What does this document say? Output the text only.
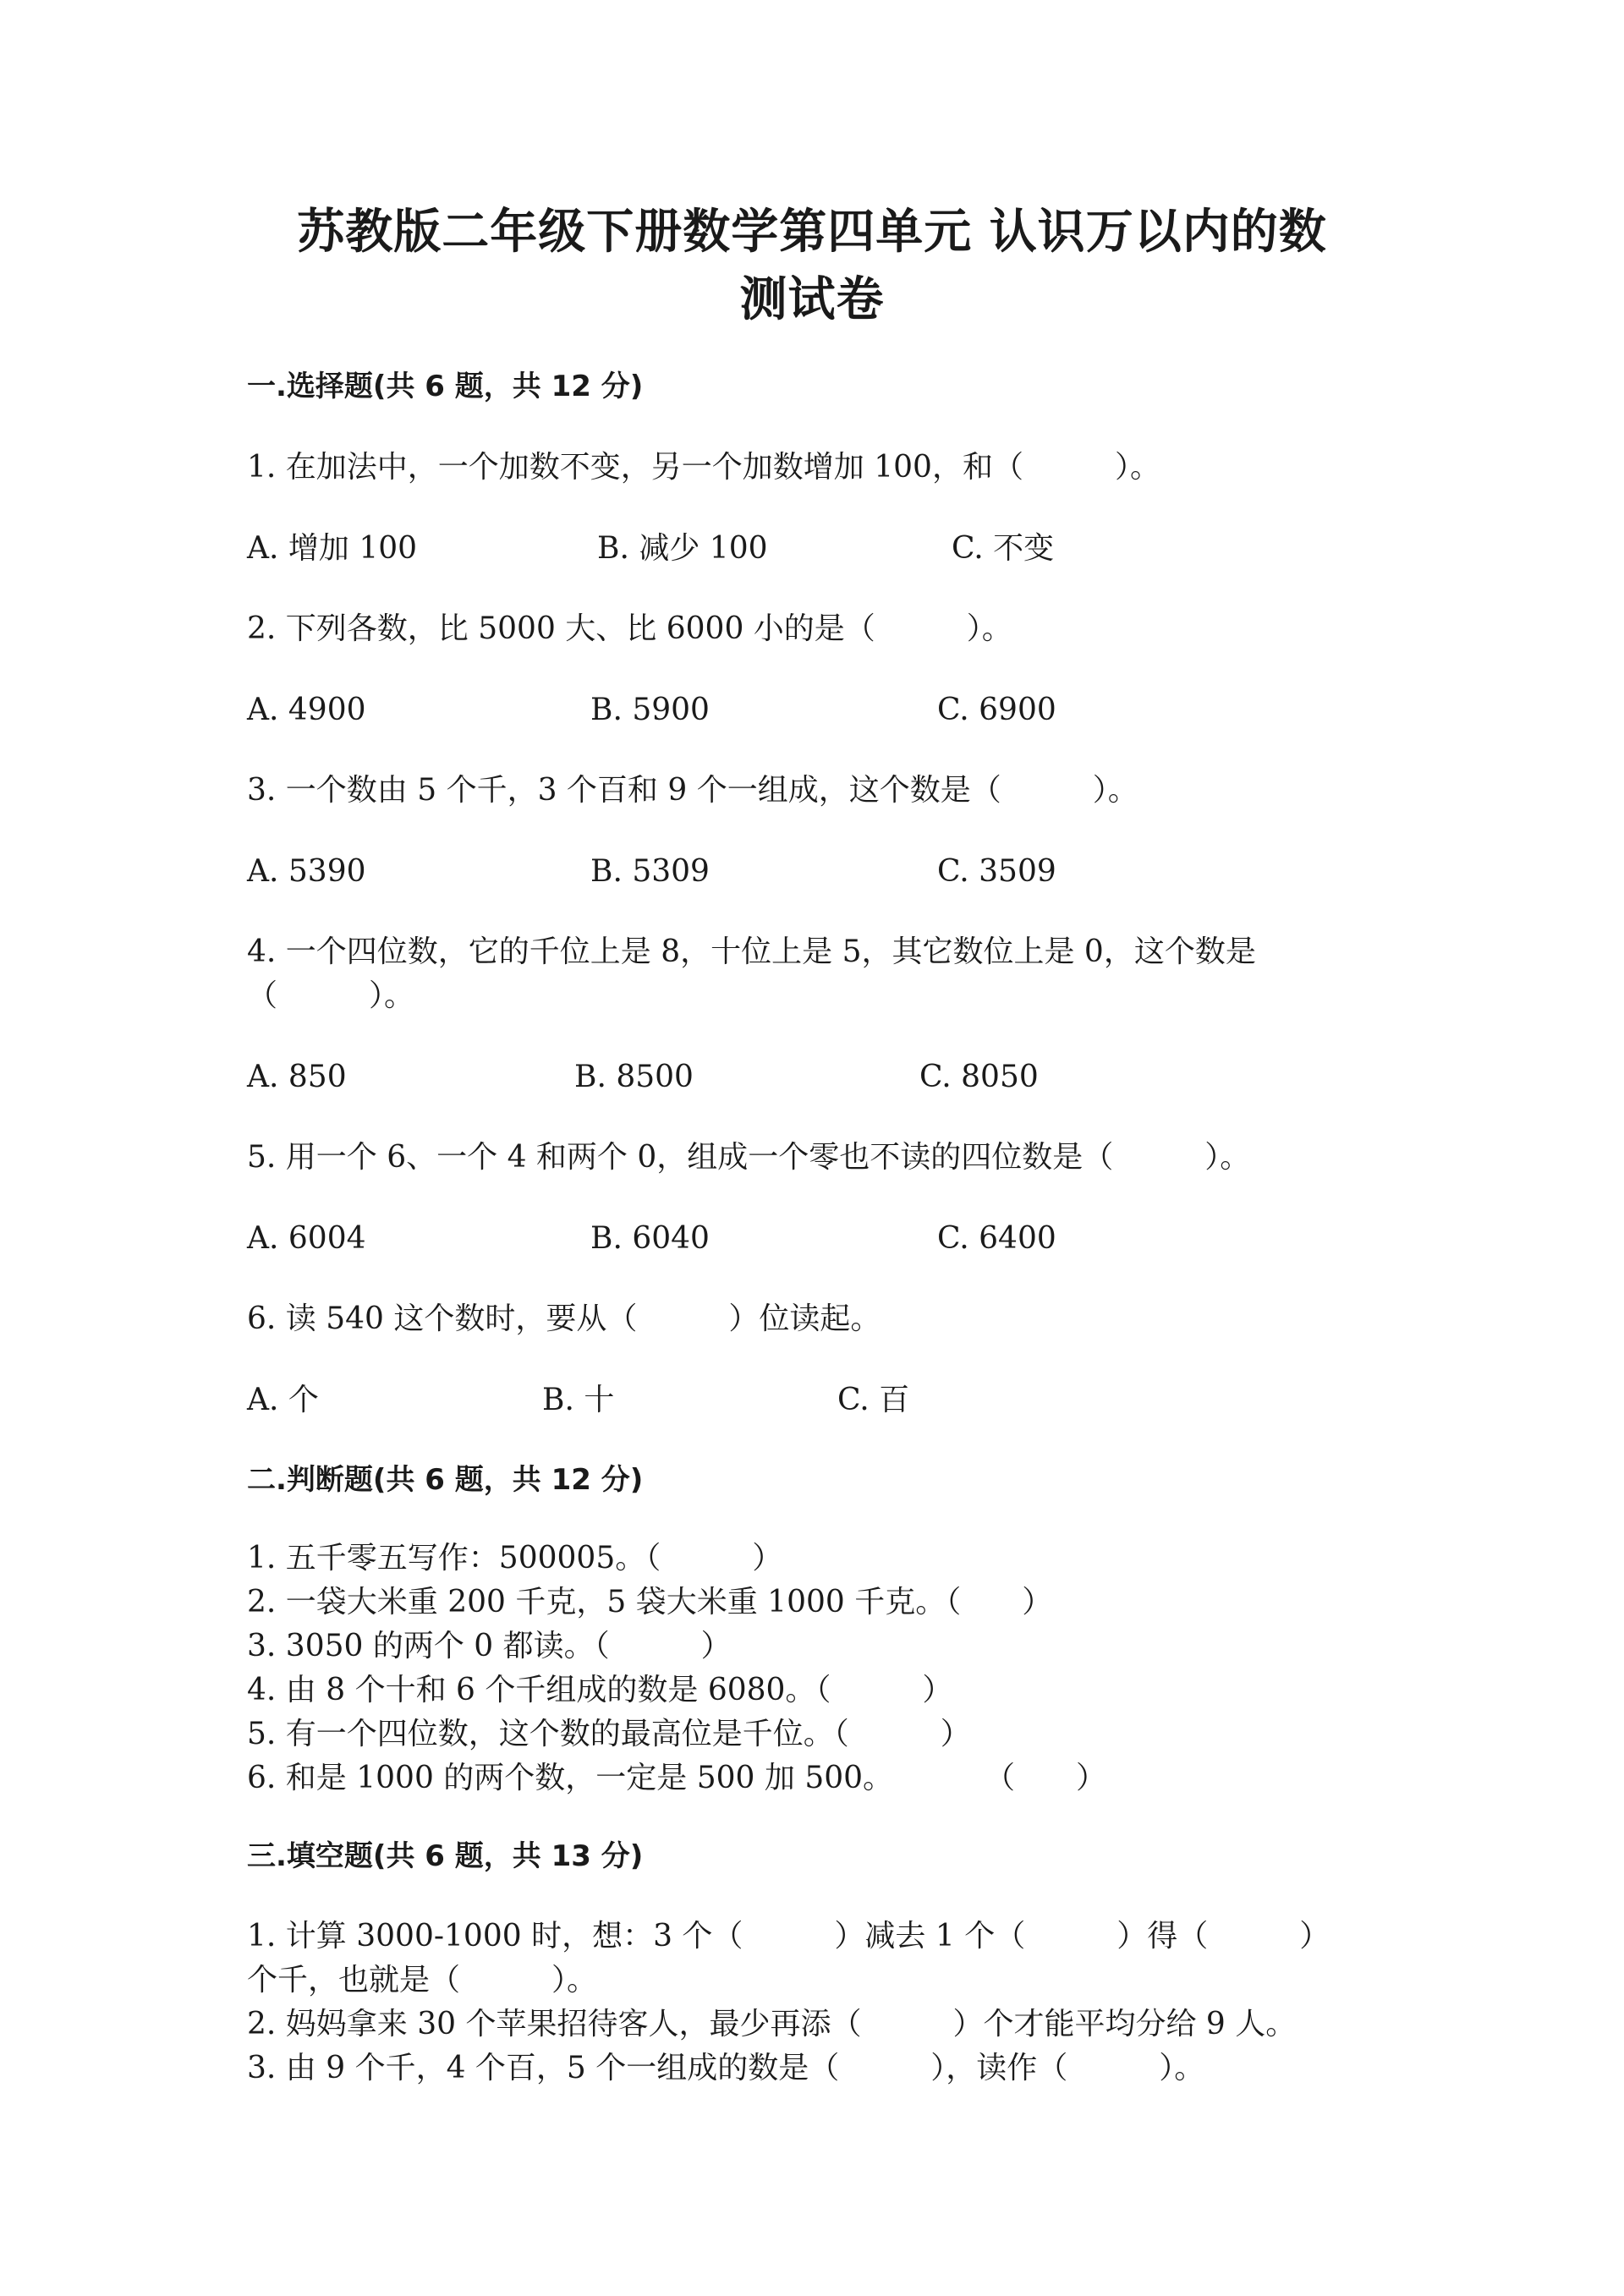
苏教版二年级下册数学第四单元 认识万以内的数
测试卷
一.选择题(共 6 题，共 12 分)
1. 在加法中，一个加数不变，另一个加数增加 100，和（　　　）。
A. 增加 100	B. 减少 100	C. 不变
2. 下列各数，比 5000 大、比 6000 小的是（　　　）。
A. 4900	B. 5900	C. 6900
3. 一个数由 5 个千，3 个百和 9 个一组成，这个数是（　　　）。
A. 5390	B. 5309	C. 3509
4. 一个四位数，它的千位上是 8，十位上是 5，其它数位上是 0，这个数是（　　　）。
A. 850	B. 8500	C. 8050
5. 用一个 6、一个 4 和两个 0，组成一个零也不读的四位数是（　　　）。
A. 6004	B. 6040	C. 6400
6. 读 540 这个数时，要从（　　　）位读起。
A. 个	B. 十	C. 百
二.判断题(共 6 题，共 12 分)
1. 五千零五写作：500005。（　　　）
2. 一袋大米重 200 千克，5 袋大米重 1000 千克。（　　）
3. 3050 的两个 0 都读。（　　　）
4. 由 8 个十和 6 个千组成的数是 6080。（　　　）
5. 有一个四位数，这个数的最高位是千位。（　　　）
6. 和是 1000 的两个数，一定是 500 加 500。　　　　（　　）
三.填空题(共 6 题，共 13 分)
1. 计算 3000-1000 时，想：3 个（　　　）减去 1 个（　　　）得（　　　）个千，也就是（　　　）。
2. 妈妈拿来 30 个苹果招待客人，最少再添（　　　）个才能平均分给 9 人。
3. 由 9 个千，4 个百，5 个一组成的数是（　　　），读作（　　　）。
